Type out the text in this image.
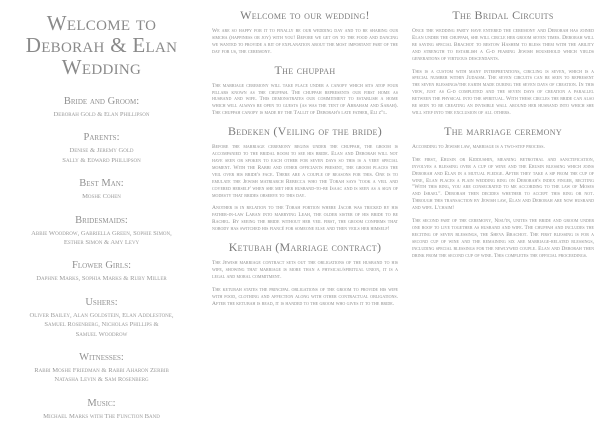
Welcome to
Deborah & Elan
Wedding
Bride and Groom:
Deborah Gold & Elan Phillipson
Parents:
Denise & Jeremy Gold
Sally & Edward Phillipson
Best Man:
Moshe Cohen
Bridesmaids:
Abbie Woodrow, Gabriella Green, Sophie Simon,
Esther Simon & Amy Levy
Flower Girls:
Daphne Marks, Sophia Marks & Ruby Miller
Ushers:
Oliver Bailey, Alan Goldstein, Elan Addlestone,
Samuel Rosenberg, Nicholas Phillips &
Samuel Woodrow
Witnesses:
Rabbi Moshe Friedman & Rabbi Aharon Zerbib
Natasha Levin & Sam Rosenberg
Music:
Michael Marks with The Function Band
Welcome to our wedding!

We are so happy for it to finally be our wedding day and to be sharing our simcha (happiness or joy) with you! Before we get on to the food and dancing we wanted to provide a bit of explanation about the most important part of the day for us, the ceremony.

The chuppah

The marriage ceremony will take place under a canopy which sits atop four pillars known as the chuppah. The chuppah represents our first home as husband and wife. This demonstrates our commitment to establish a home which will always be open to guests (as was the tent of Abraham and Sarah). The chuppah canopy is made by the Tallit of Deborah's late father, Eli z"l.

Bedeken (Veiling of the bride)

Before the marriage ceremony begins under the chuppah, the groom is accompanied to the bridal room to see his bride. Elan and Deborah will not have seen or spoken to each other for seven days so this is a very special moment. With the Rabbi and other officiants present, the groom places the veil over his bride's face. There are a couple of reasons for this. One is to emulate the Jewish matriarch Rebecca who the Torah says 'took a veil and covered herself' when she met her husband-to-be Isaac and is seen as a sign of modesty that brides observe to this day.

Another is in relation to the Torah portion where Jacob was tricked by his father-in-law Laban into marrying Leah, the older sister of his bride to be Rachel. By seeing the bride without her veil first, the groom confirms that nobody has switched his fiancé for someone else and then veils her himself!

Ketubah (Marriage contract)

The Jewish marriage contract sets out the obligations of the husband to his wife, showing that marriage is more than a physical/spiritual union, it is a legal and moral commitment.

The ketubah states the principal obligations of the groom to provide his wife with food, clothing and affection along with other contractual obligations. After the ketubah is read, it is handed to the groom who gives it to the bride.

The Bridal Circuits

Once the wedding party have entered the ceremony and Deborah has joined Elan under the chuppah, she will circle her groom seven times. Deborah will be saying special Brachot to bestow Hashem to bless them with the ability and strength to establish a G-d fearing Jewish household which yields generations of virtuous descendants.

This is a custom with many interpretations, circling is seven, which is a special number within Judaism. The seven circuits can be seen to represent the seven blessings/the earth made during the seven days of creation. In this view, just as G-d completed and the seven days of creation a parallel between the physical into the spiritual. With these circles the bride can also be seen to be creating an invisible wall around her husband into which she will step into the exclusion of all others.

The marriage ceremony

According to Jewish law, marriage is a two-step process.

The first, Erusin or Kiddushin, meaning betrothal and sanctification, involves a blessing over a cup of wine and the Erusin blessing which joins Deborah and Elan in a mutual pledge. After they take a sip from the cup of wine, Elan places a plain wedding ring on Deborah's index finger, reciting "With this ring, you are consecrated to me according to the law of Moses and Israel". Deborah then decides whether to accept this ring or not. Through this transaction by Jewish law, Elan and Deborah are now husband and wife. L'chaim!

The second part of the ceremony, Nisu'in, unites the bride and groom under one roof to live together as husband and wife. The chuppah and includes the reciting of seven blessings, the Sheva Brachot. The first blessing is for a second cup of wine and the remaining six are marriage-related blessings, including special blessings for the newlywed couple. Elan and Deborah then drink from the second cup of wine. This completes the official proceedings.
